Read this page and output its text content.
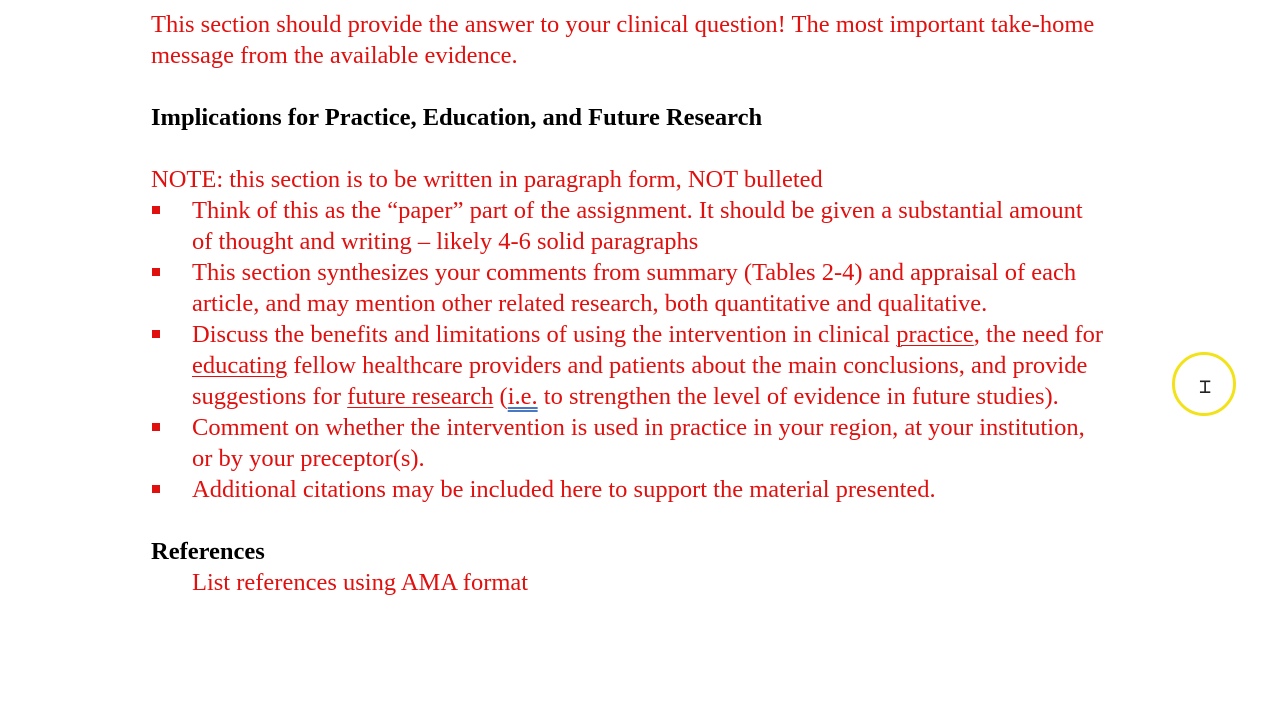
This section should provide the answer to your clinical question! The most important take-home
message from the available evidence.
Implications for Practice, Education, and Future Research
NOTE: this section is to be written in paragraph form, NOT bulleted
Think of this as the “paper” part of the assignment. It should be given a substantial amount
of thought and writing – likely 4-6 solid paragraphs
This section synthesizes your comments from summary (Tables 2-4) and appraisal of each
article, and may mention other related research, both quantitative and qualitative.
Discuss the benefits and limitations of using the intervention in clinical practice, the need for
educating fellow healthcare providers and patients about the main conclusions, and provide
suggestions for future research (i.e. to strengthen the level of evidence in future studies).
Comment on whether the intervention is used in practice in your region, at your institution,
or by your preceptor(s).
Additional citations may be included here to support the material presented.
References
List references using AMA format
⌶
